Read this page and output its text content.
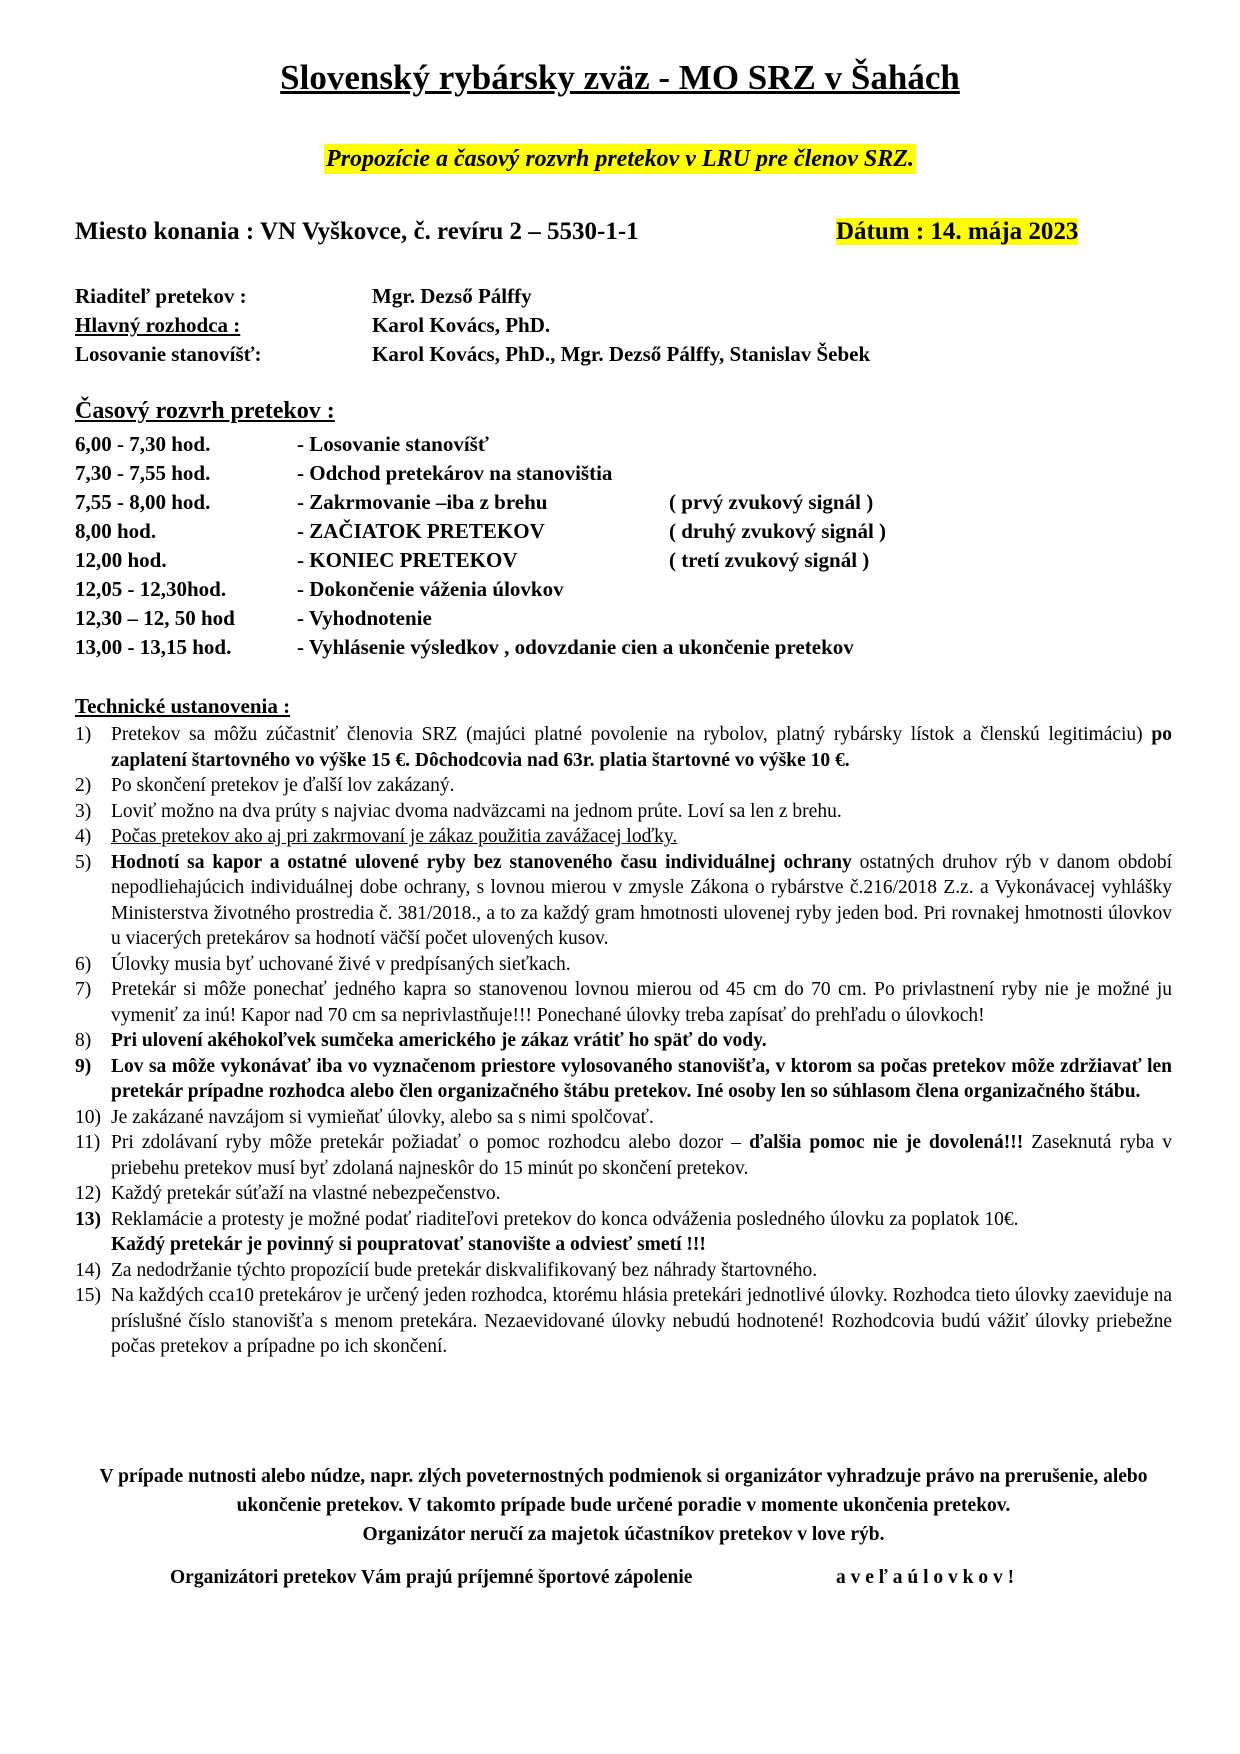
Slovenský rybársky zväz - MO SRZ v Šahách
Propozície a časový rozvrh pretekov v LRU pre členov SRZ.
Miesto konania : VN Vyškovce, č. revíru 2 – 5530-1-1	Dátum : 14. mája 2023
Riaditeľ pretekov :	Mgr. Dezső Pálffy
Hlavný rozhodca :	Karol Kovács, PhD.
Losovanie stanovíšť:	Karol Kovács, PhD., Mgr. Dezső Pálffy, Stanislav Šebek
Časový rozvrh pretekov :
6,00 - 7,30 hod.	- Losovanie stanovíšť
7,30 - 7,55 hod.	- Odchod pretekárov na stanovištia
7,55 - 8,00 hod.	- Zakrmovanie –iba z brehu	( prvý zvukový signál )
8,00 hod.	- ZAČIATOK PRETEKOV	( druhý zvukový signál )
12,00 hod.	- KONIEC PRETEKOV	( tretí zvukový signál )
12,05 - 12,30hod.	- Dokončenie váženia úlovkov
12,30 – 12, 50 hod	- Vyhodnotenie
13,00 - 13,15 hod.	- Vyhlásenie výsledkov , odovzdanie cien a ukončenie pretekov
Technické ustanovenia :
1) Pretekov sa môžu zúčastniť členovia SRZ (majúci platné povolenie na rybolov, platný rybársky lístok a členskú legitimáciu) po zaplatení štartovného vo výške 15 €. Dôchodcovia nad 63r. platia štartovné vo výške 10 €.
2) Po skončení pretekov je ďalší lov zakázaný.
3) Loviť možno na dva prúty s najviac dvoma nadväzcami na jednom prúte. Loví sa len z brehu.
4) Počas pretekov ako aj pri zakrmovaní je zákaz použitia zavážacej loďky.
5) Hodnotí sa kapor a ostatné ulovené ryby bez stanoveného času individuálnej ochrany ostatných druhov rýb v danom období nepodliehajúcich individuálnej dobe ochrany, s lovnou mierou v zmysle Zákona o rybárstve č.216/2018 Z.z. a Vykonávacej vyhlášky Ministerstva životného prostredia č. 381/2018., a to za každý gram hmotnosti ulovenej ryby jeden bod. Pri rovnakej hmotnosti úlovkov u viacerých pretekárov sa hodnotí väčší počet ulovených kusov.
6) Úlovky musia byť uchované živé v predpísaných sieťkach.
7) Pretekár si môže ponechať jedného kapra so stanovenou lovnou mierou od 45 cm do 70 cm. Po privlastnení ryby nie je možné ju vymeniť za inú! Kapor nad 70 cm sa neprivlastňuje!!! Ponechané úlovky treba zapísať do prehľadu o úlovkoch!
8) Pri ulovení akéhokoľvek sumčeka amerického je zákaz vrátiť ho späť do vody.
9) Lov sa môže vykonávať iba vo vyznačenom priestore vylosovaného stanovišťa, v ktorom sa počas pretekov môže zdržiavať len pretekár prípadne rozhodca alebo člen organizačného štábu pretekov. Iné osoby len so súhlasom člena organizačného štábu.
10) Je zakázané navzájom si vymieňať úlovky, alebo sa s nimi spolčovať.
11) Pri zdolávaní ryby môže pretekár požiadať o pomoc rozhodcu alebo dozor – ďalšia pomoc nie je dovolená!!! Zaseknutá ryba v priebehu pretekov musí byť zdolaná najneskôr do 15 minút po skončení pretekov.
12) Každý pretekár súťaží na vlastné nebezpečenstvo.
13) Reklamácie a protesty je možné podať riaditeľovi pretekov do konca odváženia posledného úlovku za poplatok 10€.
Každý pretekár je povinný si poupratovať stanovište a odviesť smetí !!!
14) Za nedodržanie týchto propozícií bude pretekár diskvalifikovaný bez náhrady štartovného.
15) Na každých cca10 pretekárov je určený jeden rozhodca, ktorému hlásia pretekári jednotlivé úlovky. Rozhodca tieto úlovky zaeviduje na príslušné číslo stanovišťa s menom pretekára. Nezaevidované úlovky nebudú hodnotené! Rozhodcovia budú vážiť úlovky priebežne počas pretekov a prípadne po ich skončení.
V prípade nutnosti alebo núdze, napr. zlých poveternostných podmienok si organizátor vyhradzuje právo na prerušenie, alebo ukončenie pretekov. V takomto prípade bude určené poradie v momente ukončenia pretekov.
Organizátor neručí za majetok účastníkov pretekov v love rýb.
Organizátori pretekov Vám prajú príjemné športové zápolenie	a v e ľ a ú l o v k o v !
